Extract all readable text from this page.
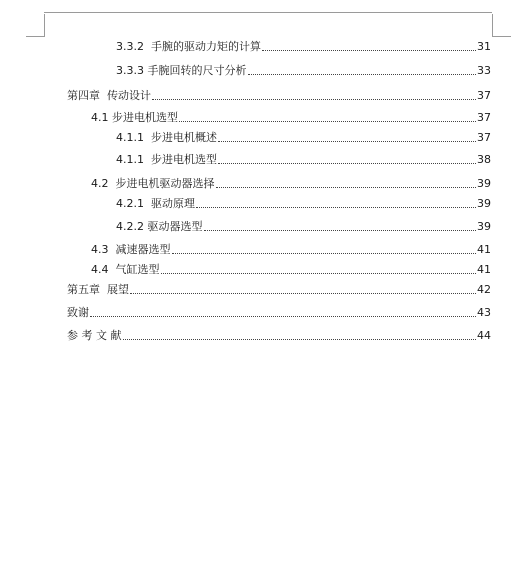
3.3.2  手腕的驱动力矩的计算	31
3.3.3 手腕回转的尺寸分析	33
第四章  传动设计	37
4.1 步进电机选型	37
4.1.1  步进电机概述	37
4.1.1  步进电机选型	38
4.2  步进电机驱动器选择	39
4.2.1  驱动原理	39
4.2.2 驱动器选型	39
4.3  减速器选型	41
4.4  气缸选型	41
第五章  展望	42
致谢	43
参 考 文 献	44
